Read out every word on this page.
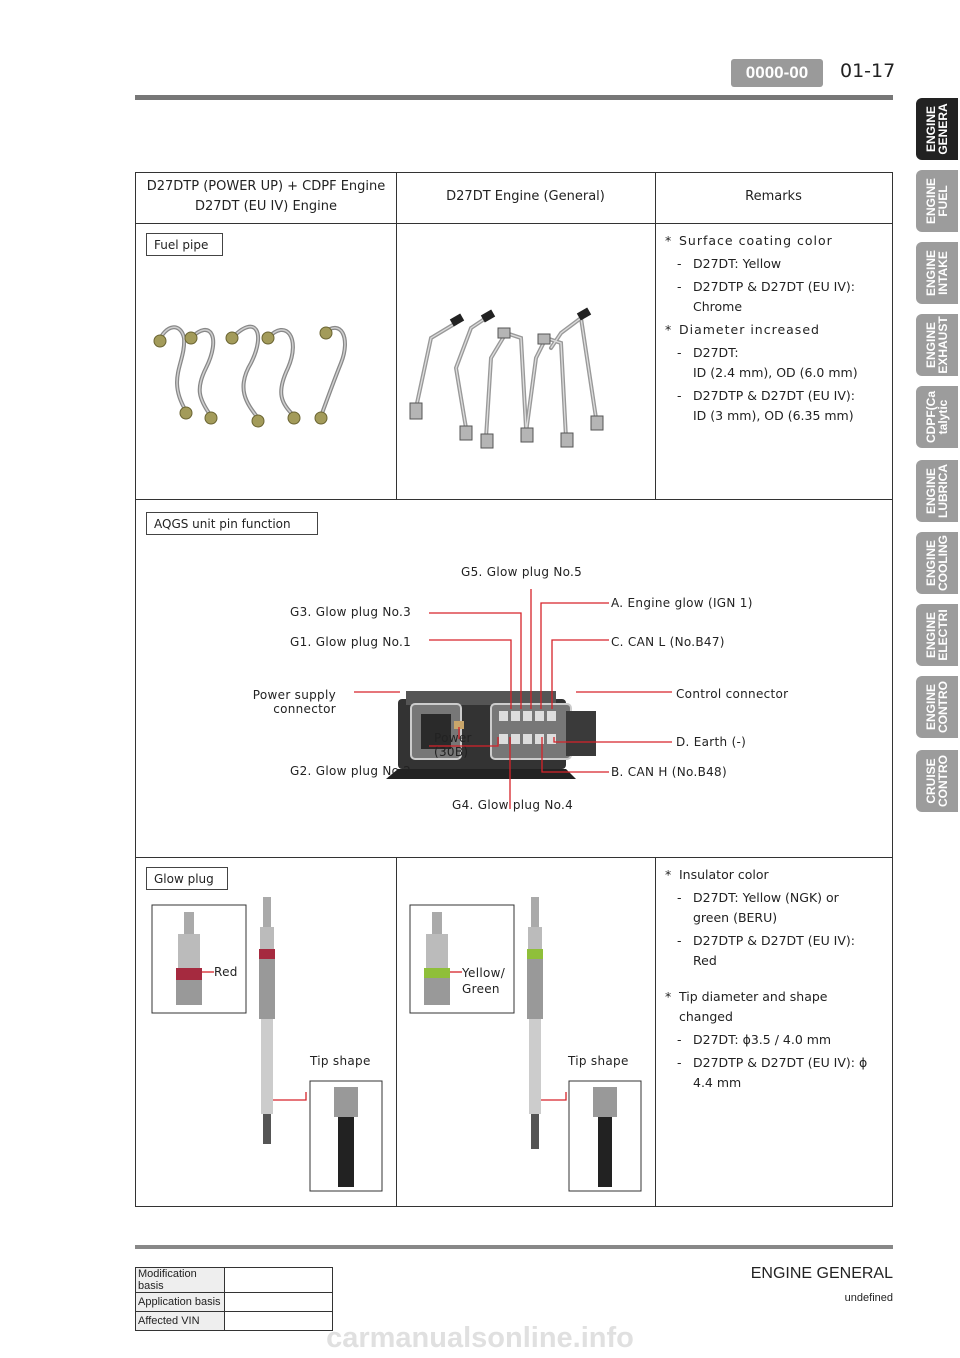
0000-00	01-17
ENGINE
GENERA
ENGINE
FUEL
ENGINE
INTAKE
ENGINE
EXHAUST
CDPF(Ca
talytic
ENGINE
LUBRICA
ENGINE
COOLING
ENGINE
ELECTRI
ENGINE
CONTRO
CRUISE
CONTRO
D27DTP (POWER UP) + CDPF Engine
D27DT (EU IV) Engine
D27DT Engine (General)	Remarks
Fuel pipe
*	Surface coating color
- D27DT: Yellow
- D27DTP & D27DT (EU IV):
Chrome
* Diameter increased
- D27DT:
ID (2.4 mm), OD (6.0 mm)
- D27DTP & D27DT (EU IV):
ID (3 mm), OD (6.35 mm)
AQGS unit pin function
G5. Glow plug No.5
G3. Glow plug No.3
G1. Glow plug No.1
Power supply
connector
Power
(30B)
G2. Glow plug No.2
G4. Glow plug No.4
A. Engine glow (IGN 1)
C. CAN L (No.B47)
Control connector
D. Earth (-)
B. CAN H (No.B48)
Glow plug
Red
Tip shape
Yellow/
Green
Tip shape
* Insulator color
- D27DT: Yellow (NGK) or
green (BERU)
- D27DTP & D27DT (EU IV):
Red
* Tip diameter and shape
changed
- D27DT: ϕ3.5 / 4.0 mm
- D27DTP & D27DT (EU IV): ϕ
4.4 mm
Modification basis	
Application basis	
Affected VIN	
ENGINE GENERAL
undefined
carmanualsonline.info
